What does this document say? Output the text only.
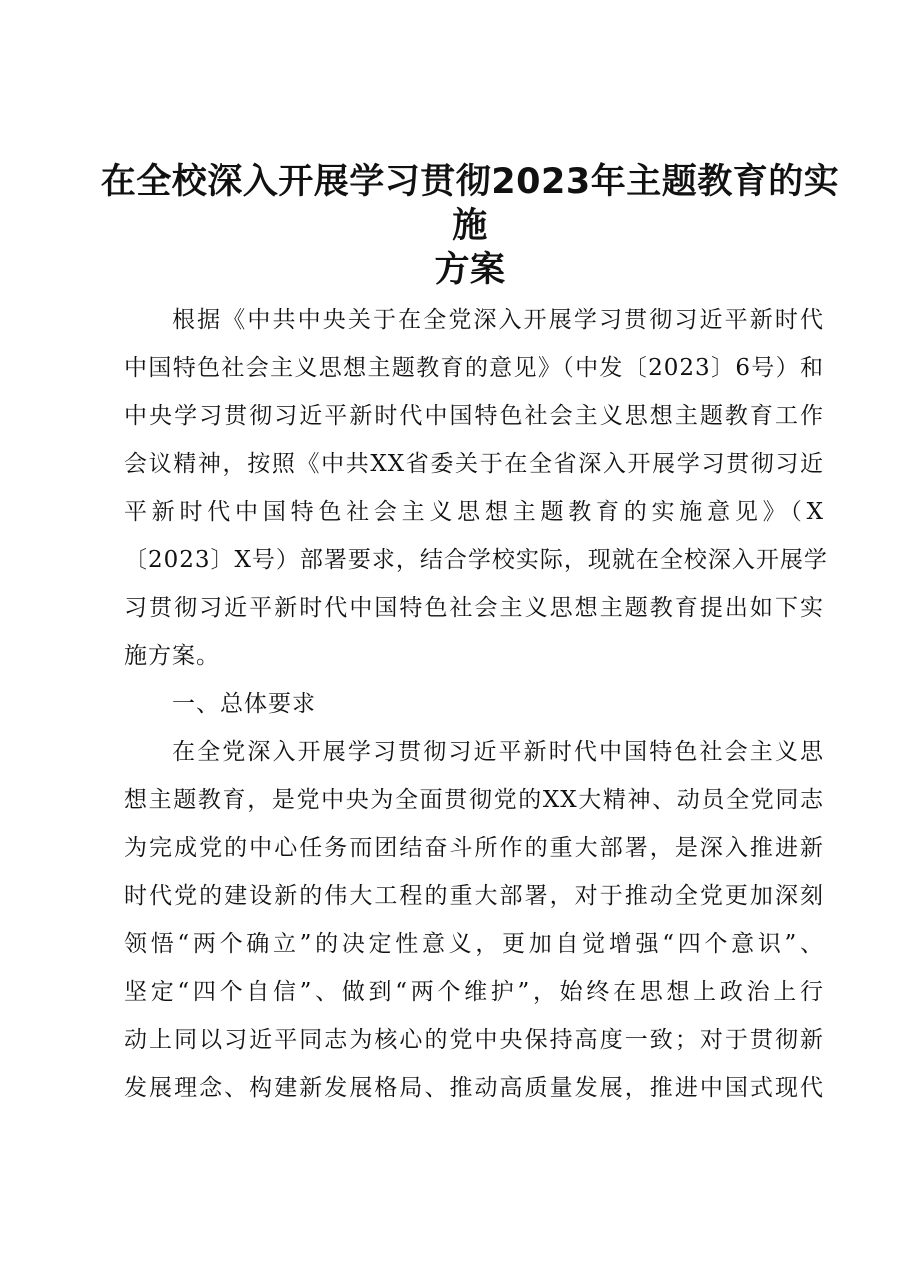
在全校深入开展学习贯彻2023年主题教育的实施
方案
根据《中共中央关于在全党深入开展学习贯彻习近平新时代
中国特色社会主义思想主题教育的意见》（中发〔2023〕6号）和
中央学习贯彻习近平新时代中国特色社会主义思想主题教育工作
会议精神，按照《中共XX省委关于在全省深入开展学习贯彻习近
平新时代中国特色社会主义思想主题教育的实施意见》（X
〔2023〕X号）部署要求，结合学校实际，现就在全校深入开展学
习贯彻习近平新时代中国特色社会主义思想主题教育提出如下实
施方案。
一、总体要求
在全党深入开展学习贯彻习近平新时代中国特色社会主义思
想主题教育，是党中央为全面贯彻党的XX大精神、动员全党同志
为完成党的中心任务而团结奋斗所作的重大部署，是深入推进新
时代党的建设新的伟大工程的重大部署，对于推动全党更加深刻
领悟“两个确立”的决定性意义，更加自觉增强“四个意识”、
坚定“四个自信”、做到“两个维护”，始终在思想上政治上行
动上同以习近平同志为核心的党中央保持高度一致；对于贯彻新
发展理念、构建新发展格局、推动高质量发展，推进中国式现代
